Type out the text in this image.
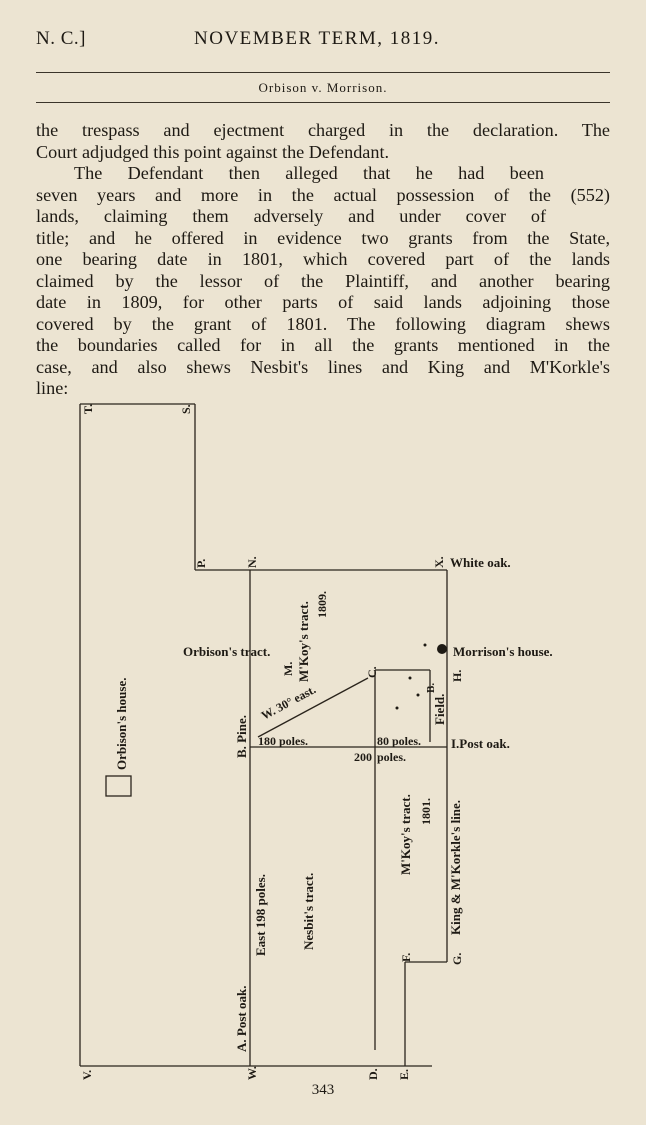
N. C.]	NOVEMBER TERM, 1819.
Orbison v. Morrison.
the trespass and ejectment charged in the declaration. The
Court adjudged this point against the Defendant.
The Defendant then alleged that he had been
seven years and more in the actual possession of the (552)
lands, claiming them adversely and under cover of
title; and he offered in evidence two grants from the State,
one bearing date in 1801, which covered part of the lands
claimed by the lessor of the Plaintiff, and another bearing
date in 1809, for other parts of said lands adjoining those
covered by the grant of 1801. The following diagram shews
the boundaries called for in all the grants mentioned in the
case, and also shews Nesbit's lines and King and M'Korkle's
line:
White oak.
Orbison's tract.	Morrison's house.
I.Post oak.
180 poles.	80 poles.
200 poles.
T.	S.
P.	N.	X.
M'Koy's tract. 1809.
M.	C.	H.
Field.
B.
B. Pine.
W. 30° east.
Orbison's house.
M'Koy's tract. 1801. King & M'Korkle's line.
Nesbit's tract.
East 198 poles.
F.	G.
A. Post oak.
V.	W.	D. E.
343
